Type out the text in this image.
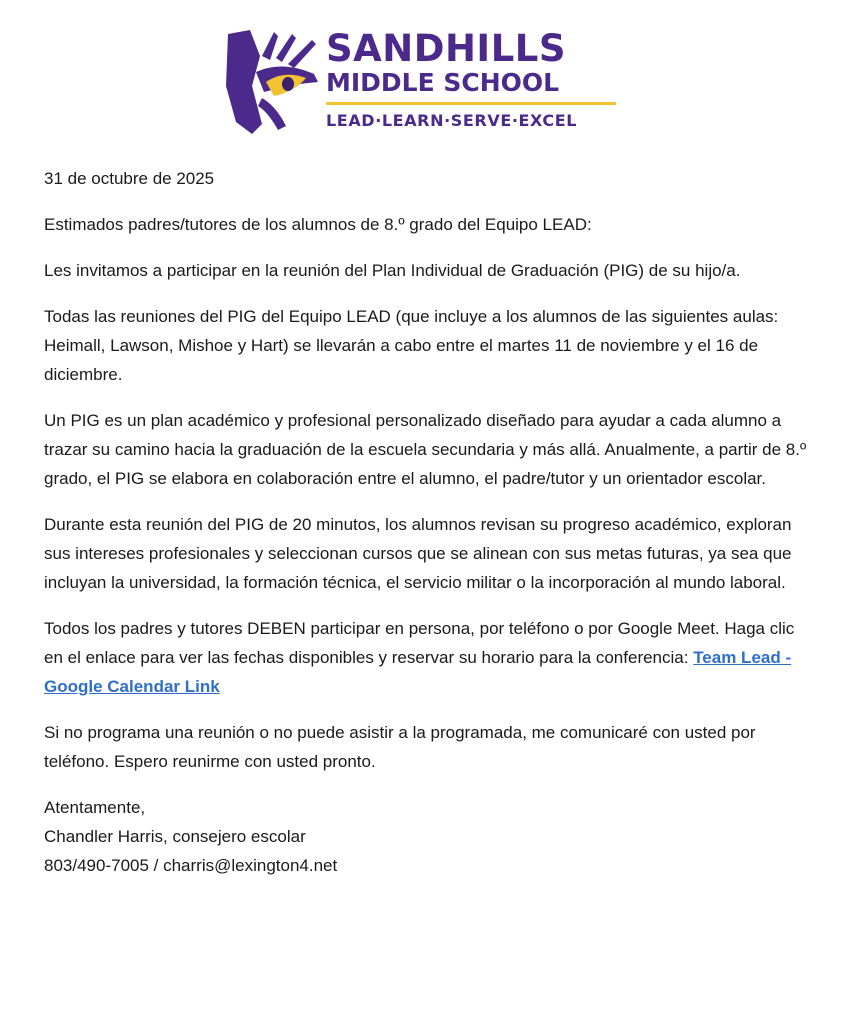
SANDHILLS
MIDDLE SCHOOL
LEAD·LEARN·SERVE·EXCEL

31 de octubre de 2025

Estimados padres/tutores de los alumnos de 8.º grado del Equipo LEAD:

Les invitamos a participar en la reunión del Plan Individual de Graduación (PIG) de su hijo/a.

Todas las reuniones del PIG del Equipo LEAD (que incluye a los alumnos de las siguientes aulas: Heimall, Lawson, Mishoe y Hart) se llevarán a cabo entre el martes 11 de noviembre y el 16 de diciembre.

Un PIG es un plan académico y profesional personalizado diseñado para ayudar a cada alumno a trazar su camino hacia la graduación de la escuela secundaria y más allá. Anualmente, a partir de 8.º grado, el PIG se elabora en colaboración entre el alumno, el padre/tutor y un orientador escolar.

Durante esta reunión del PIG de 20 minutos, los alumnos revisan su progreso académico, exploran sus intereses profesionales y seleccionan cursos que se alinean con sus metas futuras, ya sea que incluyan la universidad, la formación técnica, el servicio militar o la incorporación al mundo laboral.

Todos los padres y tutores DEBEN participar en persona, por teléfono o por Google Meet. Haga clic en el enlace para ver las fechas disponibles y reservar su horario para la conferencia: Team Lead - Google Calendar Link

Si no programa una reunión o no puede asistir a la programada, me comunicaré con usted por teléfono. Espero reunirme con usted pronto.

Atentamente,
Chandler Harris, consejero escolar
803/490-7005 / charris@lexington4.net
